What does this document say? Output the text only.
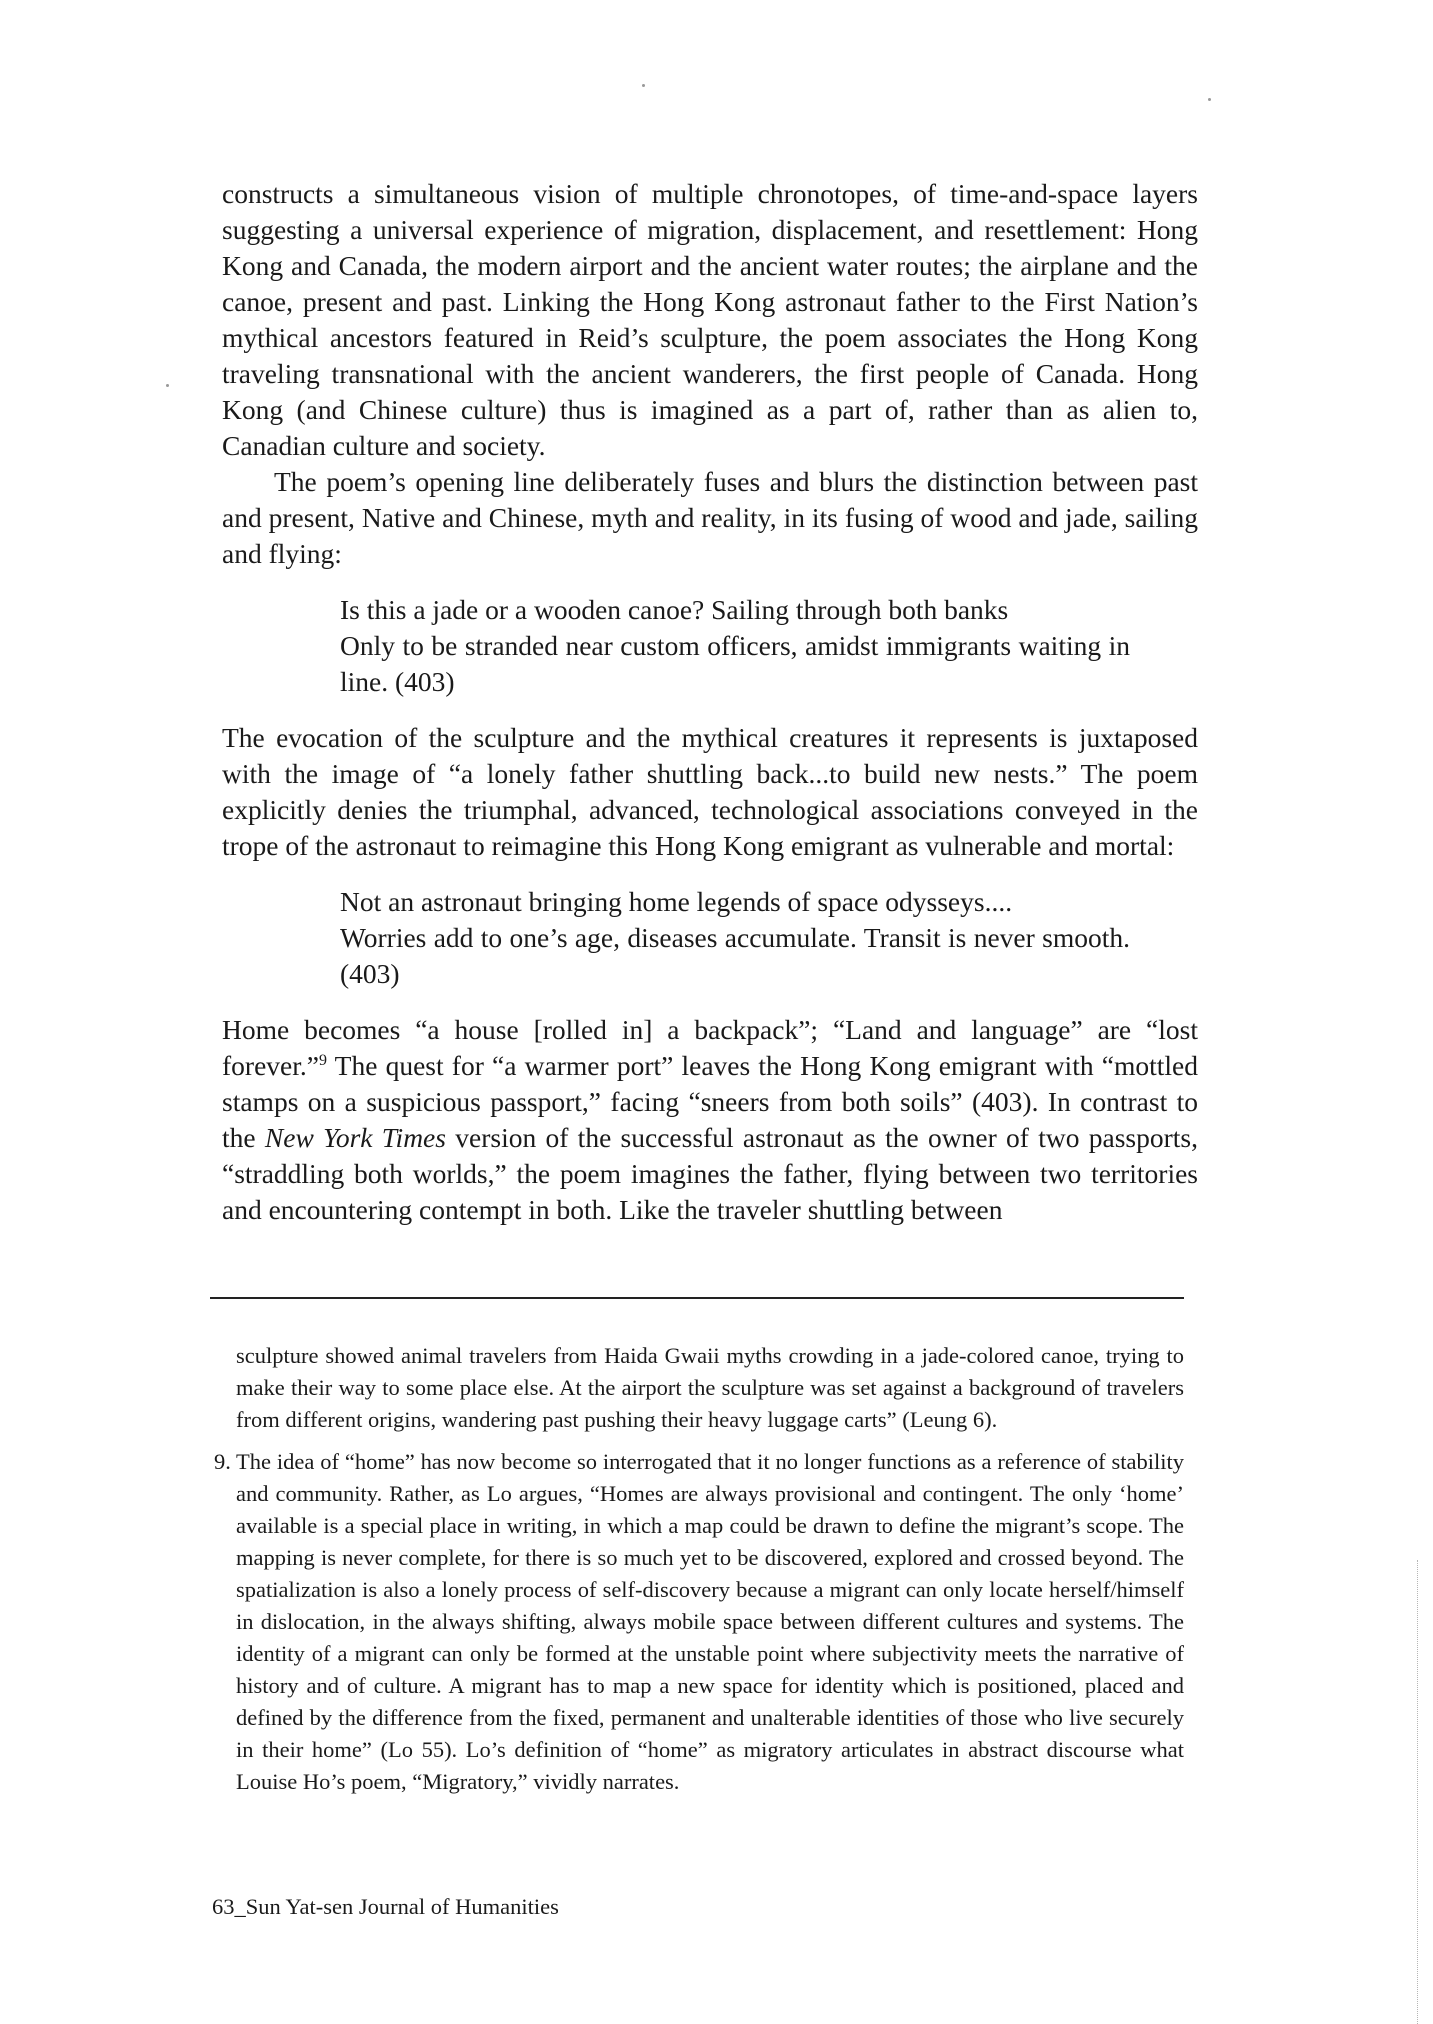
constructs a simultaneous vision of multiple chronotopes, of time-and-space layers suggesting a universal experience of migration, displacement, and resettlement: Hong Kong and Canada, the modern airport and the ancient water routes; the airplane and the canoe, present and past. Linking the Hong Kong astronaut father to the First Nation’s mythical ancestors featured in Reid’s sculpture, the poem associates the Hong Kong traveling transnational with the ancient wanderers, the first people of Canada. Hong Kong (and Chinese culture) thus is imagined as a part of, rather than as alien to, Canadian culture and society.

The poem’s opening line deliberately fuses and blurs the distinction between past and present, Native and Chinese, myth and reality, in its fusing of wood and jade, sailing and flying:

Is this a jade or a wooden canoe? Sailing through both banks
Only to be stranded near custom officers, amidst immigrants waiting in line. (403)

The evocation of the sculpture and the mythical creatures it represents is juxtaposed with the image of “a lonely father shuttling back...to build new nests.” The poem explicitly denies the triumphal, advanced, technological associations conveyed in the trope of the astronaut to reimagine this Hong Kong emigrant as vulnerable and mortal:

Not an astronaut bringing home legends of space odysseys....
Worries add to one’s age, diseases accumulate. Transit is never smooth. (403)

Home becomes “a house [rolled in] a backpack”; “Land and language” are “lost forever.”$^9$ The quest for “a warmer port” leaves the Hong Kong emigrant with “mottled stamps on a suspicious passport,” facing “sneers from both soils” (403). In contrast to the New York Times version of the successful astronaut as the owner of two passports, “straddling both worlds,” the poem imagines the father, flying between two territories and encountering contempt in both. Like the traveler shuttling between

sculpture showed animal travelers from Haida Gwaii myths crowding in a jade-colored canoe, trying to make their way to some place else. At the airport the sculpture was set against a background of travelers from different origins, wandering past pushing their heavy luggage carts” (Leung 6).

9. The idea of “home” has now become so interrogated that it no longer functions as a reference of stability and community. Rather, as Lo argues, “Homes are always provisional and contingent. The only ‘home’ available is a special place in writing, in which a map could be drawn to define the migrant’s scope. The mapping is never complete, for there is so much yet to be discovered, explored and crossed beyond. The spatialization is also a lonely process of self-discovery because a migrant can only locate herself/himself in dislocation, in the always shifting, always mobile space between different cultures and systems. The identity of a migrant can only be formed at the unstable point where subjectivity meets the narrative of history and of culture. A migrant has to map a new space for identity which is positioned, placed and defined by the difference from the fixed, permanent and unalterable identities of those who live securely in their home” (Lo 55). Lo’s definition of “home” as migratory articulates in abstract discourse what Louise Ho’s poem, “Migratory,” vividly narrates.

63_Sun Yat-sen Journal of Humanities
